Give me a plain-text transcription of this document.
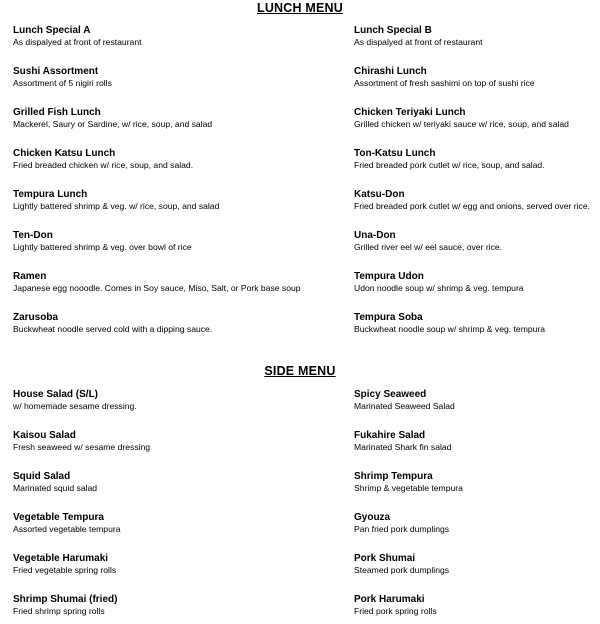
LUNCH MENU
Lunch Special A
As dispalyed at front of restaurant
Sushi Assortment
Assortment of 5 nigiri rolls
Grilled Fish Lunch
Mackerel, Saury or Sardine, w/ rice, soup, and salad
Chicken Katsu Lunch
Fried breaded chicken w/ rice, soup, and salad.
Tempura Lunch
Lightly battered shrimp & veg. w/ rice, soup, and salad
Ten-Don
Lightly battered shrimp & veg. over bowl of rice
Ramen
Japanese egg nooodle. Comes in Soy sauce, Miso, Salt, or Pork base soup
Zarusoba
Buckwheat noodle served cold with a dipping sauce.
Lunch Special B
As dispalyed at front of restaurant
Chirashi Lunch
Assortment of fresh sashimi on top of sushi rice
Chicken Teriyaki Lunch
Grilled chicken w/ teriyaki sauce w/ rice, soup, and salad
Ton-Katsu Lunch
Fried breaded pork cutlet w/ rice, soup, and salad.
Katsu-Don
Fried breaded pork cutlet w/ egg and onions, served over rice.
Una-Don
Grilled river eel w/ eel sauce, over rice.
Tempura Udon
Udon noodle soup w/ shrimp & veg. tempura
Tempura Soba
Buckwheat noodle soup w/ shrimp & veg. tempura
SIDE MENU
House Salad (S/L)
w/ homemade sesame dressing.
Kaisou Salad
Fresh seaweed w/ sesame dressing
Squid Salad
Marinated squid salad
Vegetable Tempura
Assorted vegetable tempura
Vegetable Harumaki
Fried vegetable spring rolls
Shrimp Shumai (fried)
Fried shrimp spring rolls
Spicy Seaweed
Marinated Seaweed Salad
Fukahire Salad
Marinated Shark fin salad
Shrimp Tempura
Shrimp & vegetable tempura
Gyouza
Pan fried pork dumplings
Pork Shumai
Steamed pork dumplings
Pork Harumaki
Fried pork spring rolls
